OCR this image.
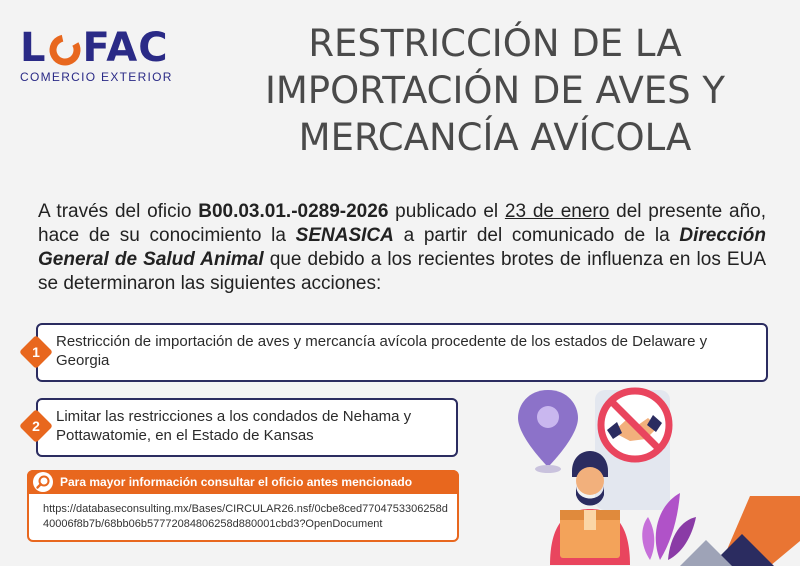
L FAC
COMERCIO EXTERIOR
RESTRICCIÓN DE LA
IMPORTACIÓN DE AVES Y
MERCANCÍA AVÍCOLA

A través del oficio B00.03.01.-0289-2026 publicado el 23 de enero del presente año, hace de su conocimiento la SENASICA a partir del comunicado de la Dirección General de Salud Animal que debido a los recientes brotes de influenza en los EUA se determinaron las siguientes acciones:

Restricción de importación de aves y mercancía avícola procedente de los estados de Delaware y Georgia
1
Limitar las restricciones a los condados de Nehama y Pottawatomie, en el Estado de Kansas
2
Para mayor información consultar el oficio antes mencionado
https://databaseconsulting.mx/Bases/CIRCULAR26.nsf/0cbe8ced7704753306258d40006f8b7b/68bb06b57772084806258d880001cbd3?OpenDocument
